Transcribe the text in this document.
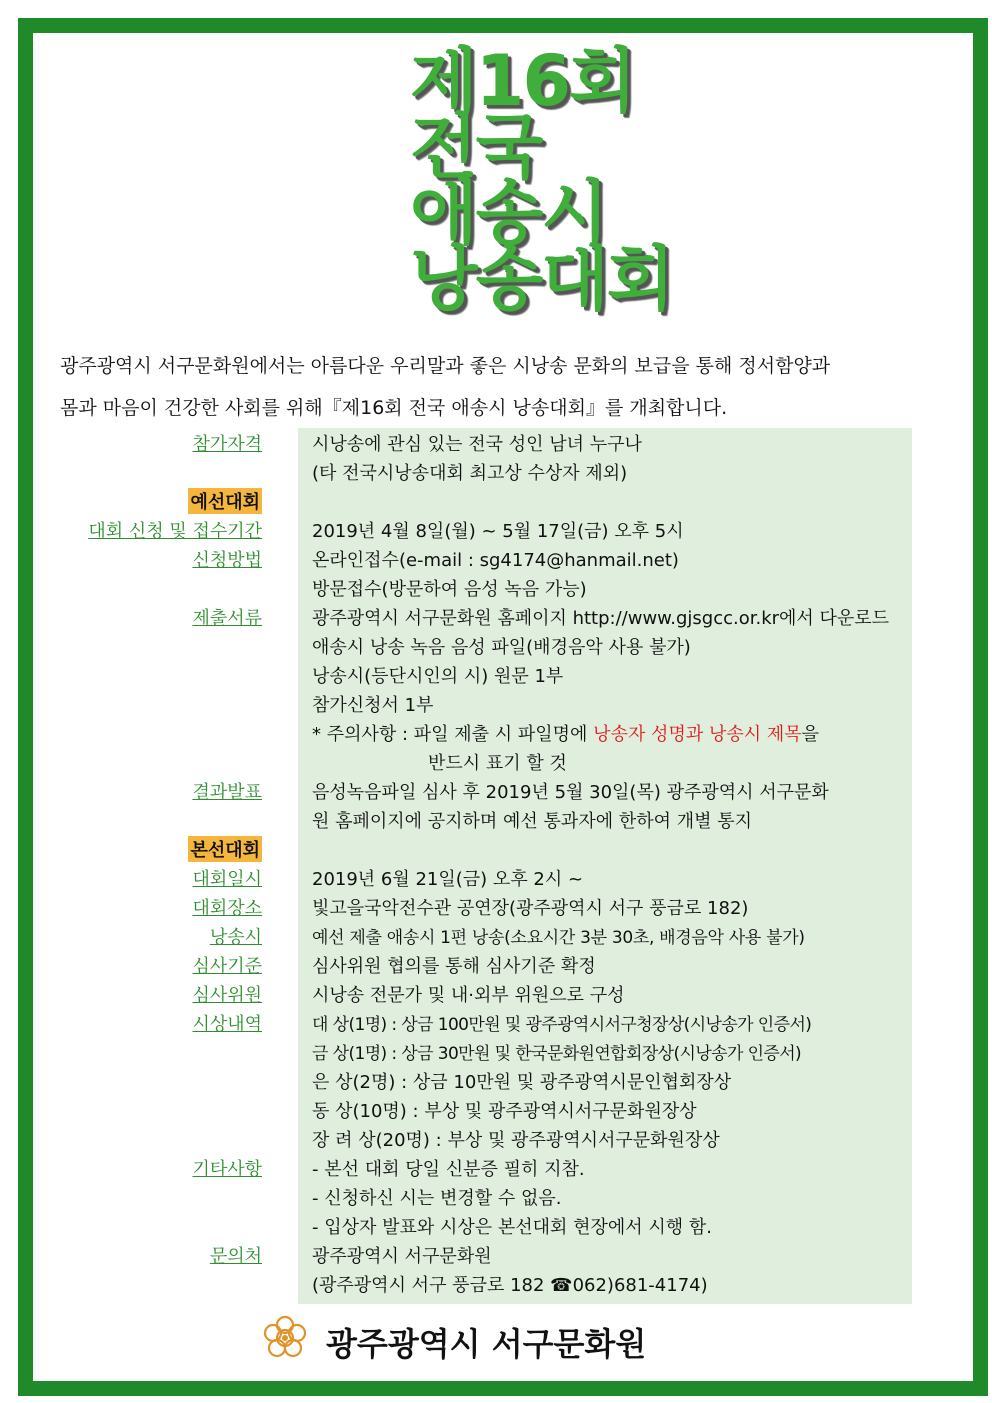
제16회
전국
애송시
낭송대회
광주광역시 서구문화원에서는 아름다운 우리말과 좋은 시낭송 문화의 보급을 통해 정서함양과
몸과 마음이 건강한 사회를 위해『제16회 전국 애송시 낭송대회』를 개최합니다.
참가자격	시낭송에 관심 있는 전국 성인 남녀 누구나
(타 전국시낭송대회 최고상 수상자 제외)
예선대회
대회 신청 및 접수기간	2019년 4월 8일(월) ~ 5월 17일(금) 오후 5시
신청방법	온라인접수(e-mail : sg4174@hanmail.net)
방문접수(방문하여 음성 녹음 가능)
제출서류	광주광역시 서구문화원 홈페이지 http://www.gjsgcc.or.kr에서 다운로드
애송시 낭송 녹음 음성 파일(배경음악 사용 불가)
낭송시(등단시인의 시) 원문 1부
참가신청서 1부
* 주의사항 : 파일 제출 시 파일명에 낭송자 성명과 낭송시 제목을
반드시 표기 할 것
결과발표	음성녹음파일 심사 후 2019년 5월 30일(목) 광주광역시 서구문화
원 홈페이지에 공지하며 예선 통과자에 한하여 개별 통지
본선대회
대회일시	2019년 6월 21일(금) 오후 2시 ~
대회장소	빛고을국악전수관 공연장(광주광역시 서구 풍금로 182)
낭송시	예선 제출 애송시 1편 낭송(소요시간 3분 30초, 배경음악 사용 불가)
심사기준	심사위원 협의를 통해 심사기준 확정
심사위원	시낭송 전문가 및 내·외부 위원으로 구성
시상내역	대 상(1명) : 상금 100만원 및 광주광역시서구청장상(시낭송가 인증서)
금 상(1명) : 상금 30만원 및 한국문화원연합회장상(시낭송가 인증서)
은 상(2명) : 상금 10만원 및 광주광역시문인협회장상
동 상(10명) : 부상 및 광주광역시서구문화원장상
장 려 상(20명) : 부상 및 광주광역시서구문화원장상
기타사항	- 본선 대회 당일 신분증 필히 지참.
- 신청하신 시는 변경할 수 없음.
- 입상자 발표와 시상은 본선대회 현장에서 시행 함.
문의처	광주광역시 서구문화원
(광주광역시 서구 풍금로 182 ☎062)681-4174)
광주광역시 서구문화원
